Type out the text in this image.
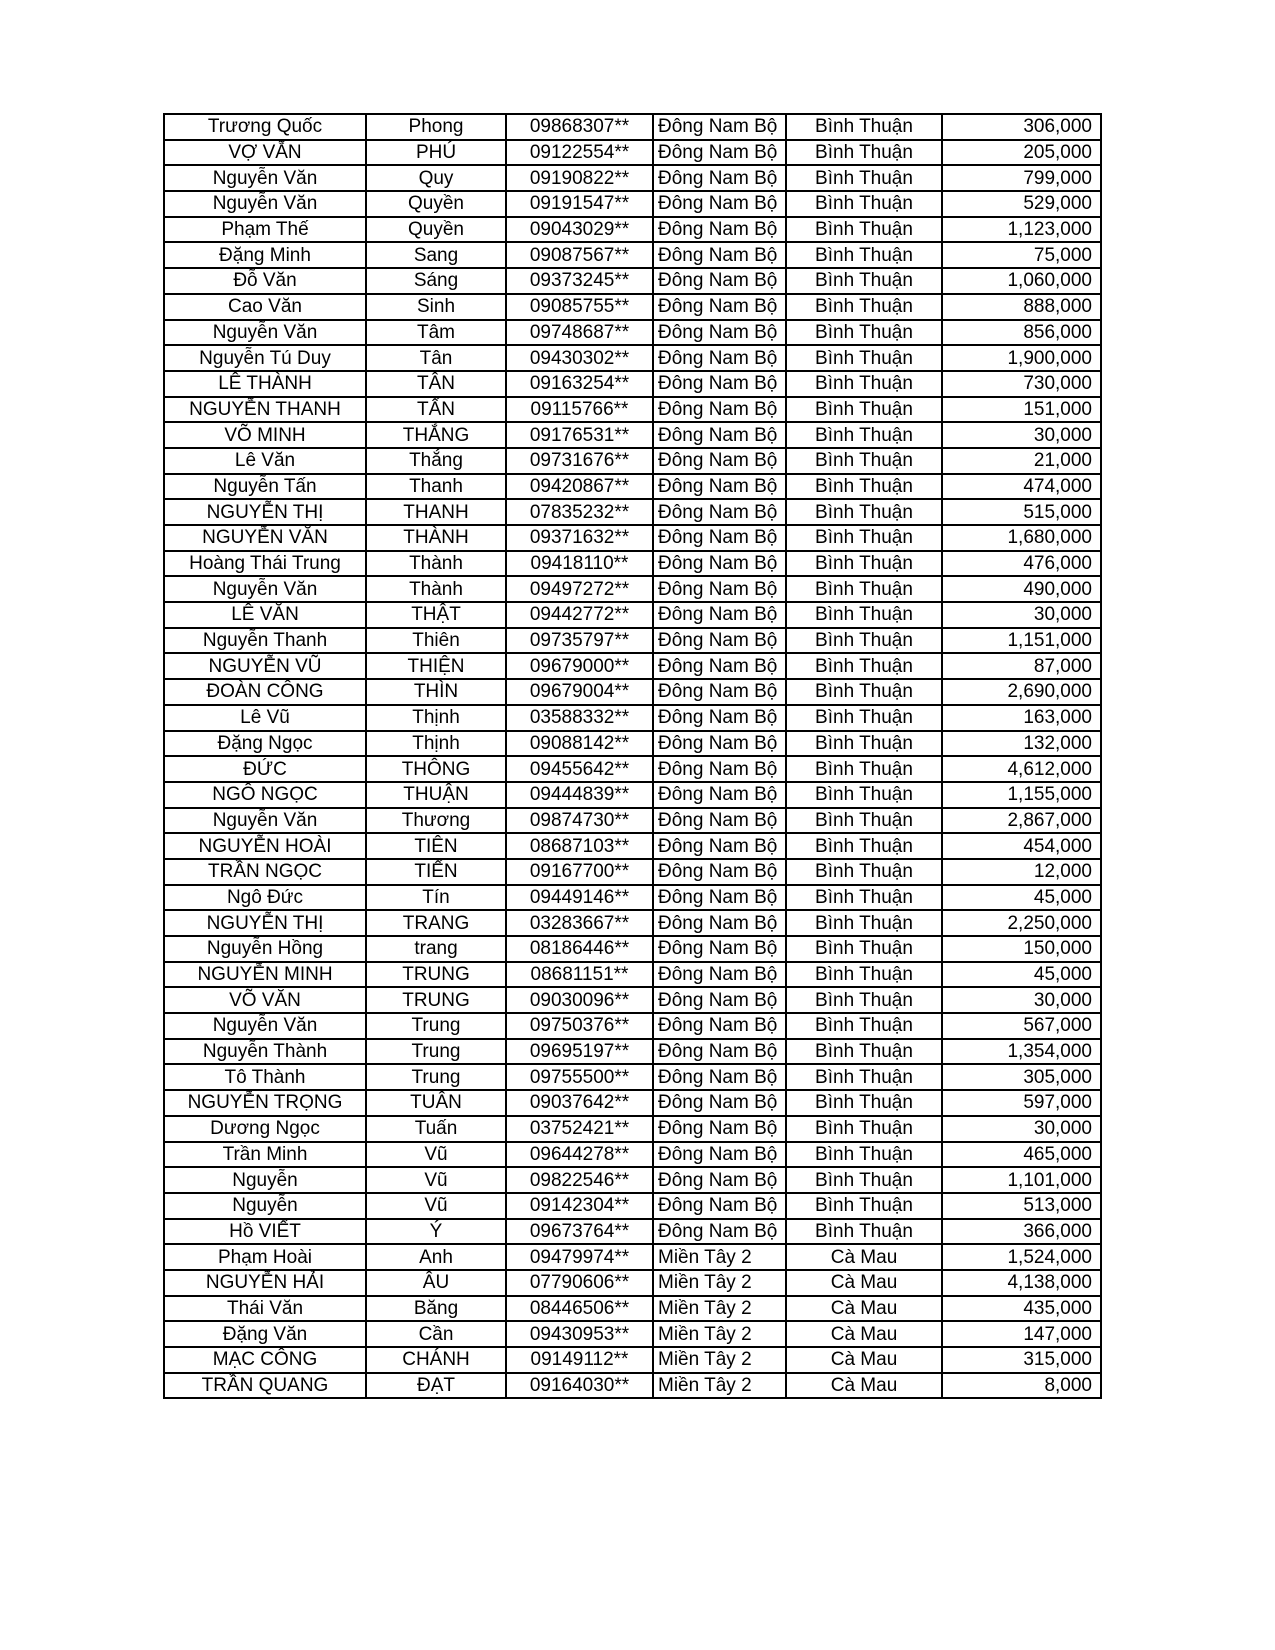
Trương Quốc	Phong	09868307**	Đông Nam Bộ	Bình Thuận	306,000
VỢ VẪN	PHÚ	09122554**	Đông Nam Bộ	Bình Thuận	205,000
Nguyễn Văn	Quy	09190822**	Đông Nam Bộ	Bình Thuận	799,000
Nguyễn Văn	Quyền	09191547**	Đông Nam Bộ	Bình Thuận	529,000
Phạm Thế	Quyền	09043029**	Đông Nam Bộ	Bình Thuận	1,123,000
Đặng Minh	Sang	09087567**	Đông Nam Bộ	Bình Thuận	75,000
Đỗ Văn	Sáng	09373245**	Đông Nam Bộ	Bình Thuận	1,060,000
Cao Văn	Sinh	09085755**	Đông Nam Bộ	Bình Thuận	888,000
Nguyễn Văn	Tâm	09748687**	Đông Nam Bộ	Bình Thuận	856,000
Nguyễn Tú Duy	Tân	09430302**	Đông Nam Bộ	Bình Thuận	1,900,000
LÊ THÀNH	TÂN	09163254**	Đông Nam Bộ	Bình Thuận	730,000
NGUYỄN THANH	TẤN	09115766**	Đông Nam Bộ	Bình Thuận	151,000
VÕ MINH	THẮNG	09176531**	Đông Nam Bộ	Bình Thuận	30,000
Lê Văn	Thắng	09731676**	Đông Nam Bộ	Bình Thuận	21,000
Nguyễn Tấn	Thanh	09420867**	Đông Nam Bộ	Bình Thuận	474,000
NGUYỄN THỊ	THANH	07835232**	Đông Nam Bộ	Bình Thuận	515,000
NGUYỄN VĂN	THÀNH	09371632**	Đông Nam Bộ	Bình Thuận	1,680,000
Hoàng Thái Trung	Thành	09418110**	Đông Nam Bộ	Bình Thuận	476,000
Nguyễn Văn	Thành	09497272**	Đông Nam Bộ	Bình Thuận	490,000
LÊ VĂN	THẬT	09442772**	Đông Nam Bộ	Bình Thuận	30,000
Nguyễn Thanh	Thiên	09735797**	Đông Nam Bộ	Bình Thuận	1,151,000
NGUYỄN VŨ	THIỆN	09679000**	Đông Nam Bộ	Bình Thuận	87,000
ĐOÀN CÔNG	THÌN	09679004**	Đông Nam Bộ	Bình Thuận	2,690,000
Lê Vũ	Thịnh	03588332**	Đông Nam Bộ	Bình Thuận	163,000
Đặng Ngọc	Thịnh	09088142**	Đông Nam Bộ	Bình Thuận	132,000
ĐỨC	THÔNG	09455642**	Đông Nam Bộ	Bình Thuận	4,612,000
NGÔ NGỌC	THUẬN	09444839**	Đông Nam Bộ	Bình Thuận	1,155,000
Nguyễn Văn	Thương	09874730**	Đông Nam Bộ	Bình Thuận	2,867,000
NGUYỄN HOÀI	TIÊN	08687103**	Đông Nam Bộ	Bình Thuận	454,000
TRẦN NGỌC	TIẾN	09167700**	Đông Nam Bộ	Bình Thuận	12,000
Ngô Đức	Tín	09449146**	Đông Nam Bộ	Bình Thuận	45,000
NGUYỄN THỊ	TRANG	03283667**	Đông Nam Bộ	Bình Thuận	2,250,000
Nguyễn Hồng	trang	08186446**	Đông Nam Bộ	Bình Thuận	150,000
NGUYỄN MINH	TRUNG	08681151**	Đông Nam Bộ	Bình Thuận	45,000
VÕ VĂN	TRUNG	09030096**	Đông Nam Bộ	Bình Thuận	30,000
Nguyễn Văn	Trung	09750376**	Đông Nam Bộ	Bình Thuận	567,000
Nguyễn Thành	Trung	09695197**	Đông Nam Bộ	Bình Thuận	1,354,000
Tô Thành	Trung	09755500**	Đông Nam Bộ	Bình Thuận	305,000
NGUYỄN TRỌNG	TUÂN	09037642**	Đông Nam Bộ	Bình Thuận	597,000
Dương Ngọc	Tuấn	03752421**	Đông Nam Bộ	Bình Thuận	30,000
Trần Minh	Vũ	09644278**	Đông Nam Bộ	Bình Thuận	465,000
Nguyễn	Vũ	09822546**	Đông Nam Bộ	Bình Thuận	1,101,000
Nguyễn	Vũ	09142304**	Đông Nam Bộ	Bình Thuận	513,000
Hồ VIẾT	Ý	09673764**	Đông Nam Bộ	Bình Thuận	366,000
Phạm Hoài	Anh	09479974**	Miền Tây 2	Cà Mau	1,524,000
NGUYỄN HẢI	ÂU	07790606**	Miền Tây 2	Cà Mau	4,138,000
Thái Văn	Băng	08446506**	Miền Tây 2	Cà Mau	435,000
Đặng Văn	Cần	09430953**	Miền Tây 2	Cà Mau	147,000
MẠC CÔNG	CHÁNH	09149112**	Miền Tây 2	Cà Mau	315,000
TRẦN QUANG	ĐẠT	09164030**	Miền Tây 2	Cà Mau	8,000
